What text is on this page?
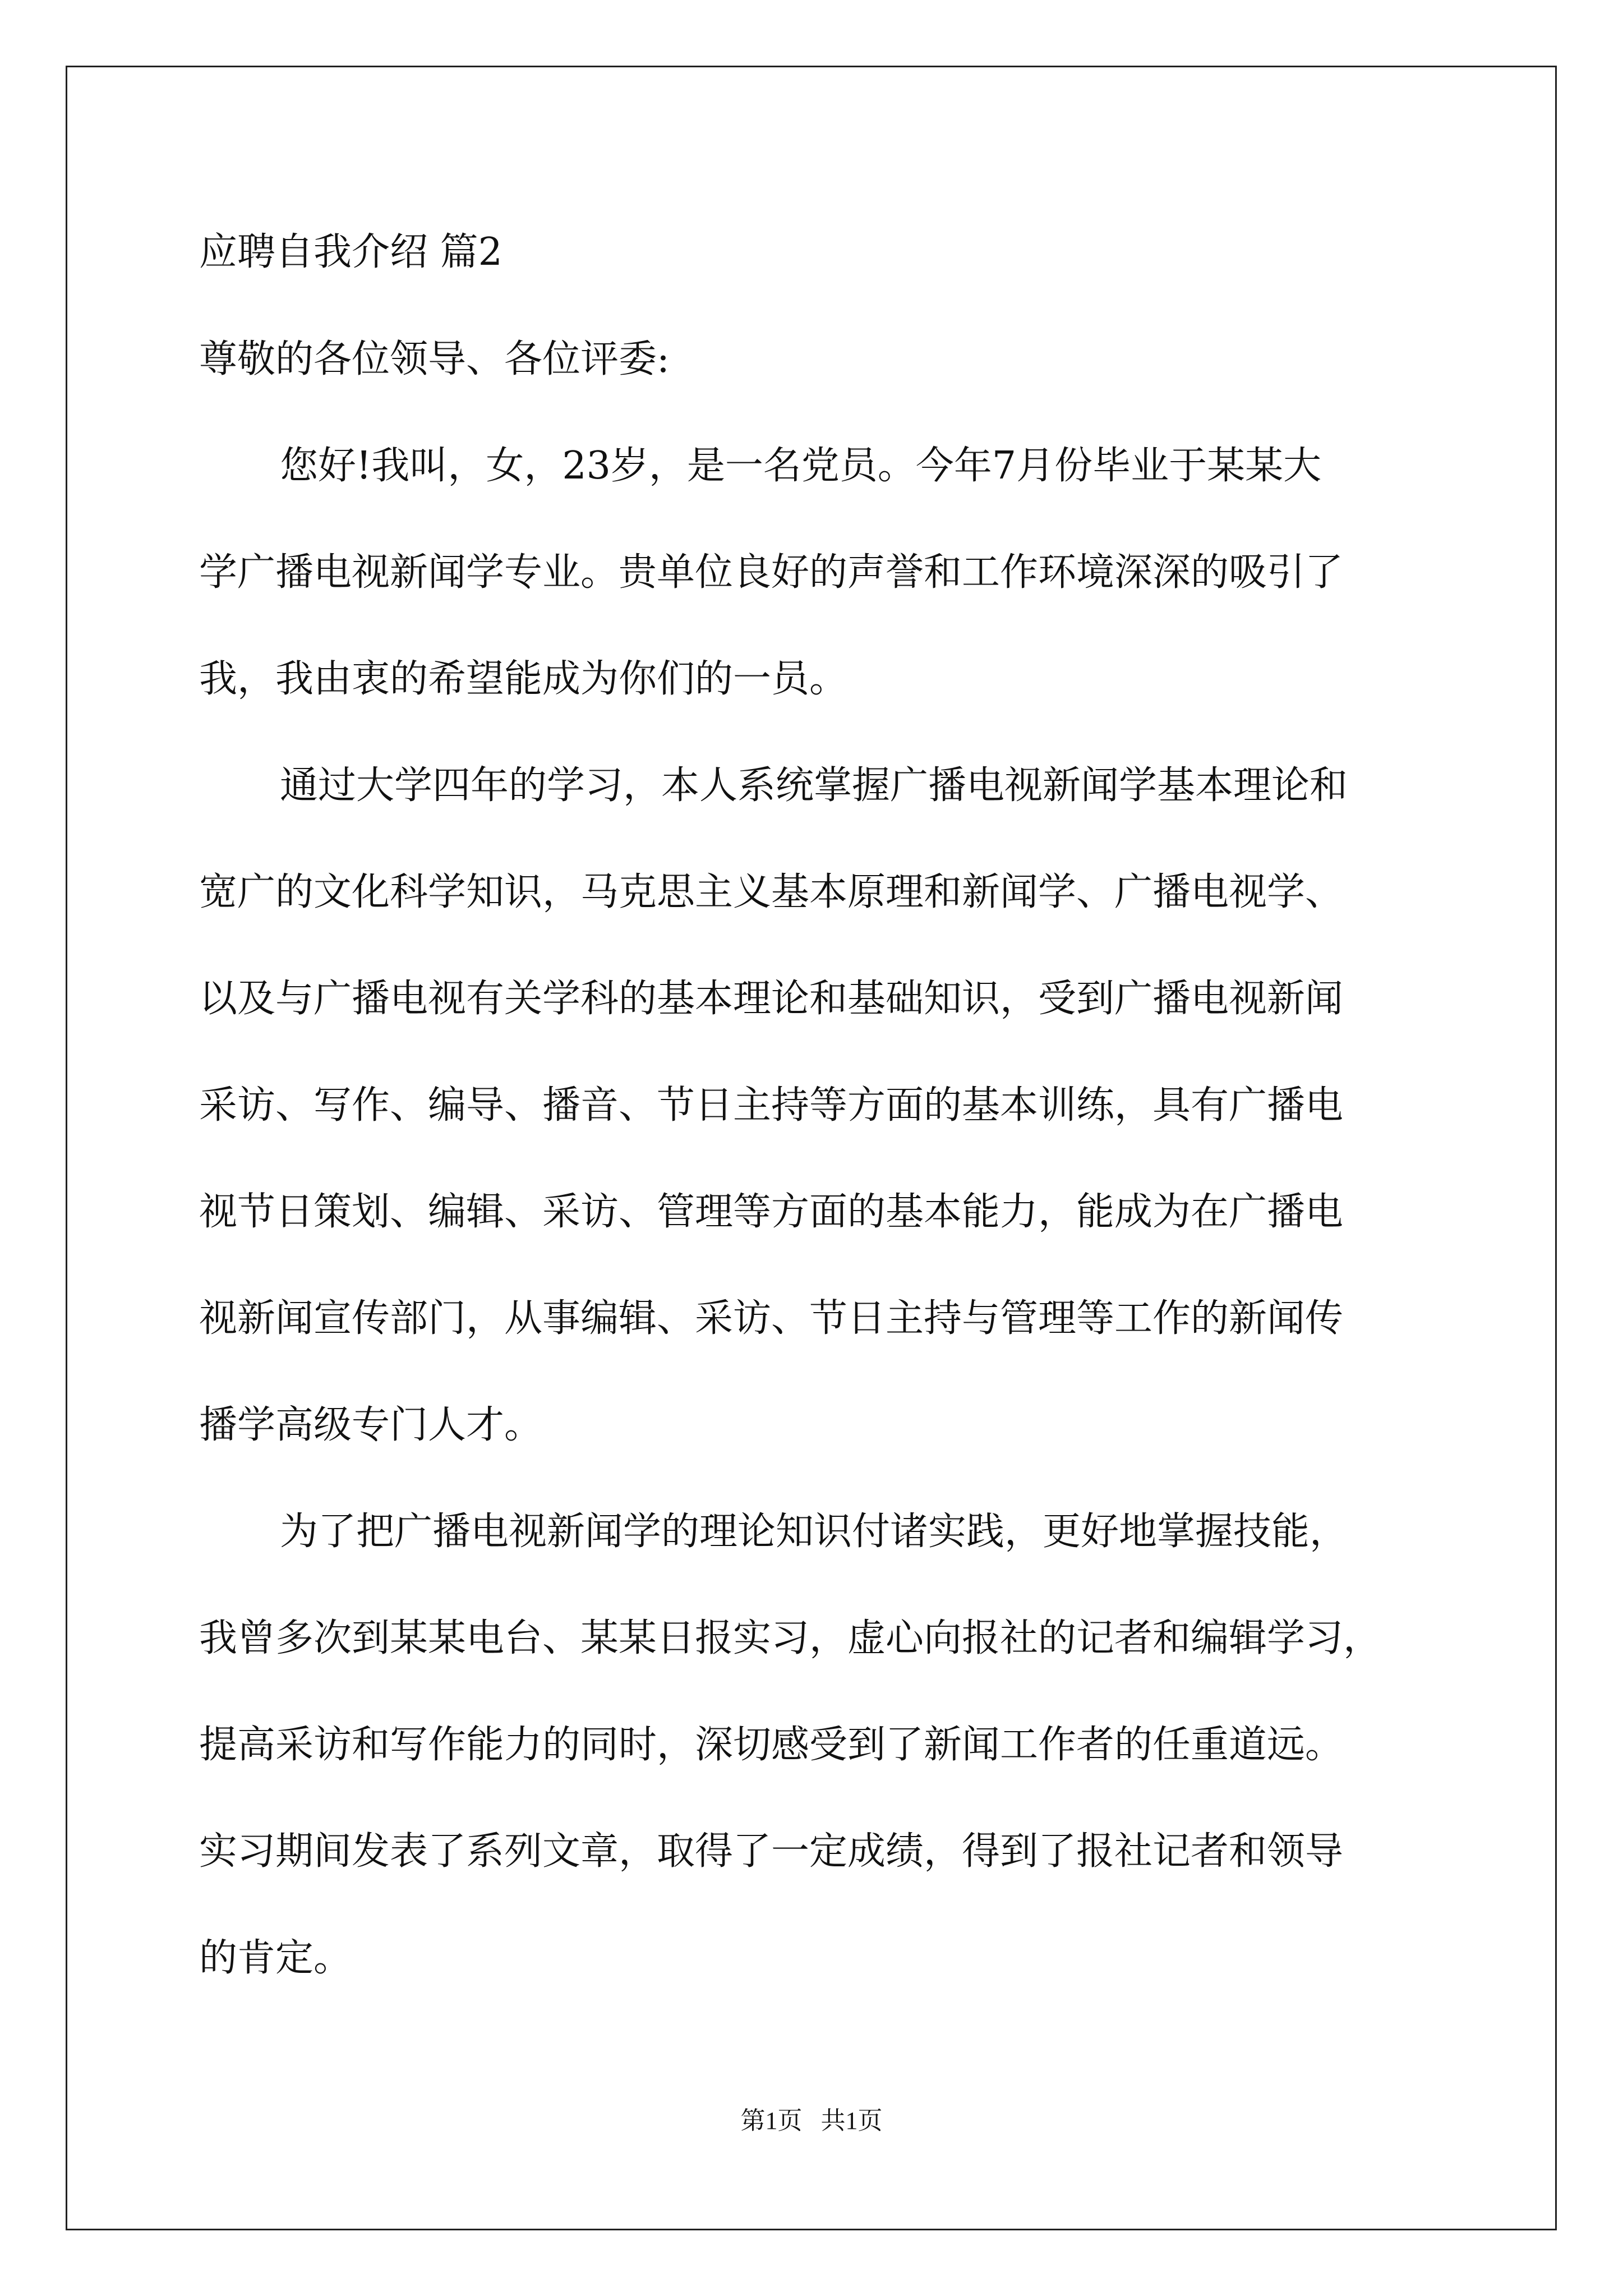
应聘自我介绍 篇2

尊敬的各位领导、各位评委:

您好!我叫，女，23岁，是一名党员。今年7月份毕业于某某大

学广播电视新闻学专业。贵单位良好的声誉和工作环境深深的吸引了

我，我由衷的希望能成为你们的一员。

通过大学四年的学习，本人系统掌握广播电视新闻学基本理论和

宽广的文化科学知识，马克思主义基本原理和新闻学、广播电视学、

以及与广播电视有关学科的基本理论和基础知识，受到广播电视新闻

采访、写作、编导、播音、节日主持等方面的基本训练，具有广播电

视节日策划、编辑、采访、管理等方面的基本能力，能成为在广播电

视新闻宣传部门，从事编辑、采访、节日主持与管理等工作的新闻传

播学高级专门人才。

为了把广播电视新闻学的理论知识付诸实践，更好地掌握技能，

我曾多次到某某电台、某某日报实习，虚心向报社的记者和编辑学习，

提高采访和写作能力的同时，深切感受到了新闻工作者的任重道远。

实习期间发表了系列文章，取得了一定成绩，得到了报社记者和领导

的肯定。

第1页   共1页
